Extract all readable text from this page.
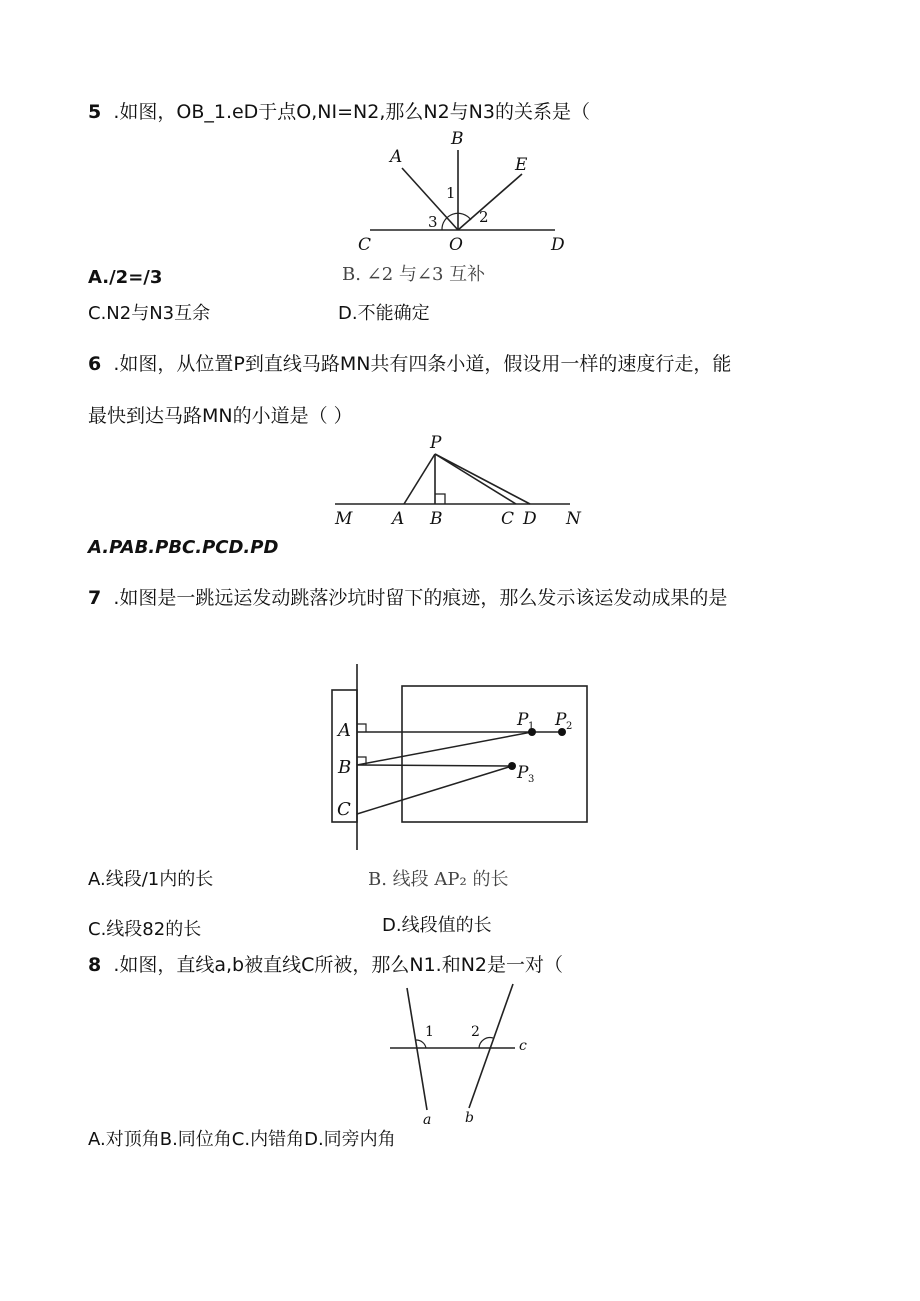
5 .如图，OB_1.eD于点O,NI=N2,那么N2与N3的关系是（
A
B
E
C	O	D
1
2
3
A./2=/3	B. ∠2 与∠3 互补
C.N2与N3互余	D.不能确定
6 .如图，从位置P到直线马路MN共有四条小道，假设用一样的速度行走，能
最快到达马路MN的小道是（ ）
P
M A B	C D N
A.PAB.PBC.PCD.PD
7 .如图是一跳远运发动跳落沙坑时留下的痕迹，那么发示该运发动成果的是
A
B
C
P 1 P 2
P 3
A.线段/1内的长	B. 线段 AP₂ 的长
C.线段82的长	D.线段值的长
8 .如图，直线a,b被直线C所被，那么N1.和N2是一对（
1	2
a b
c
A.对顶角B.同位角C.内错角D.同旁内角
